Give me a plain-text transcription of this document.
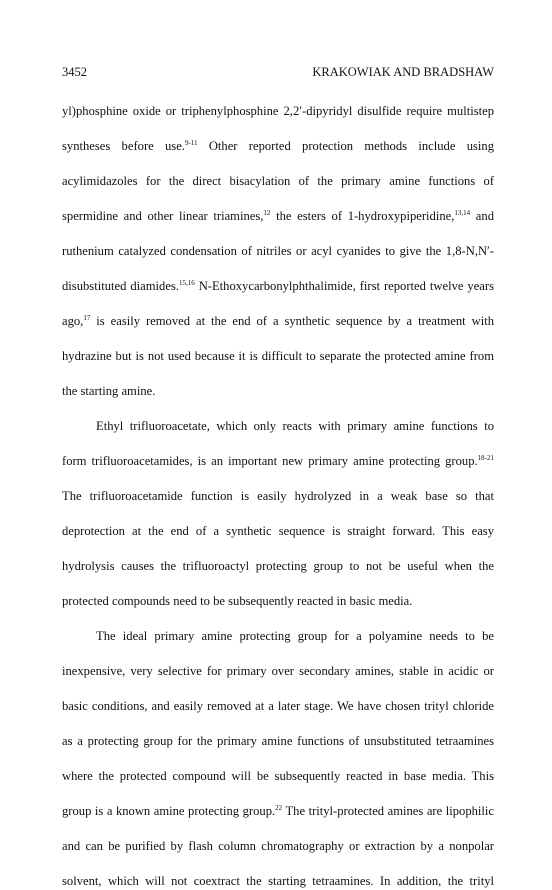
3452	KRAKOWIAK AND BRADSHAW
yl)phosphine oxide or triphenylphosphine 2,2′-dipyridyl disulfide require multistep
syntheses before use.$^{9-11}$ Other reported protection methods include using
acylimidazoles for the direct bisacylation of the primary amine functions of
spermidine and other linear triamines,$^{12}$ the esters of 1-hydroxypiperidine,$^{13,14}$ and
ruthenium catalyzed condensation of nitriles or acyl cyanides to give the 1,8-N,N′-
disubstituted diamides.$^{15,16}$ N-Ethoxycarbonylphthalimide, first reported twelve years
ago,$^{17}$ is easily removed at the end of a synthetic sequence by a treatment with
hydrazine but is not used because it is difficult to separate the protected amine from
the starting amine.
Ethyl trifluoroacetate, which only reacts with primary amine functions to
form trifluoroacetamides, is an important new primary amine protecting group.$^{18-21}$
The trifluoroacetamide function is easily hydrolyzed in a weak base so that
deprotection at the end of a synthetic sequence is straight forward. This easy
hydrolysis causes the trifluoroactyl protecting group to not be useful when the
protected compounds need to be subsequently reacted in basic media.
The ideal primary amine protecting group for a polyamine needs to be
inexpensive, very selective for primary over secondary amines, stable in acidic or
basic conditions, and easily removed at a later stage. We have chosen trityl chloride
as a protecting group for the primary amine functions of unsubstituted tetraamines
where the protected compound will be subsequently reacted in base media. This
group is a known amine protecting group.$^{22}$ The trityl-protected amines are lipophilic
and can be purified by flash column chromatography or extraction by a nonpolar
solvent, which will not coextract the starting tetraamines. In addition, the trityl
